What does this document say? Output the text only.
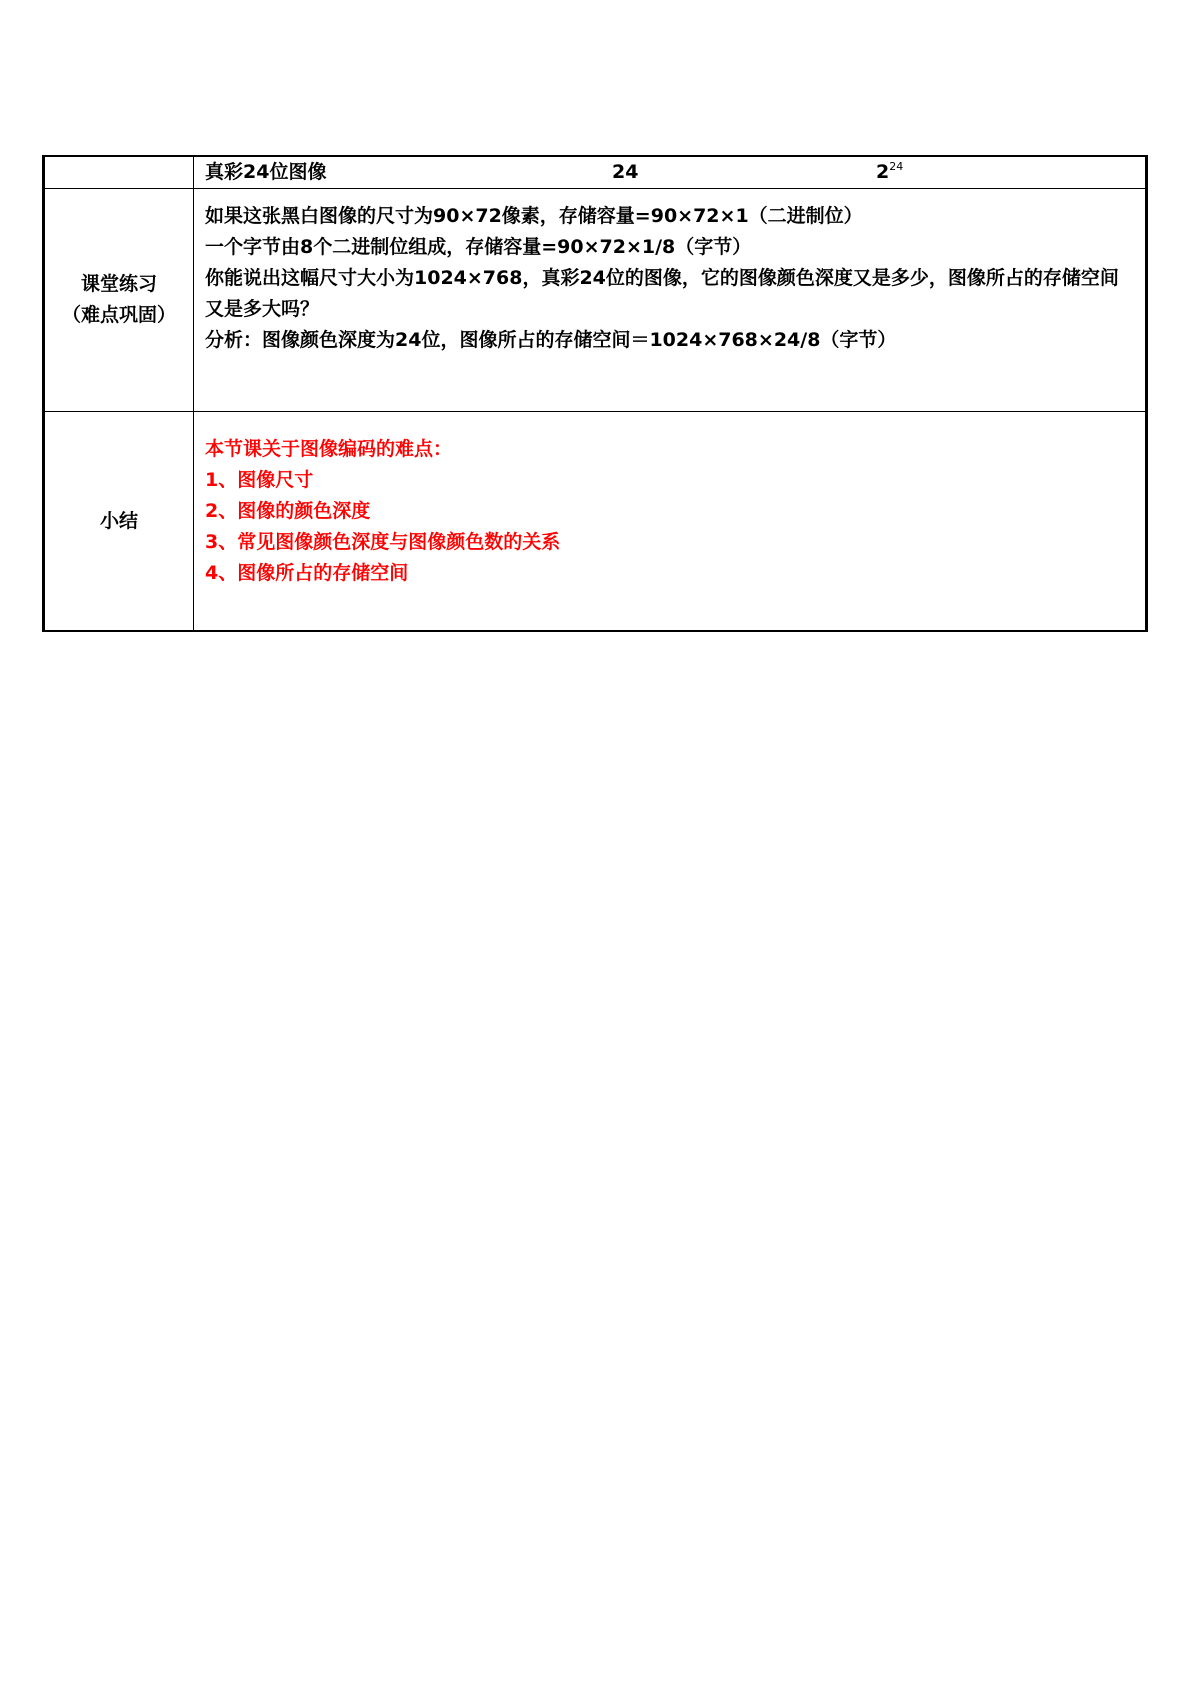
	真彩24位图像 24 $2^{24}$

课堂练习
（难点巩固）	如果这张黑白图像的尺寸为90×72像素，存储容量=90×72×1（二进制位）
一个字节由8个二进制位组成，存储容量=90×72×1/8（字节）
你能说出这幅尺寸大小为1024×768，真彩24位的图像，它的图像颜色深度又是多少，图像所占的存储空间又是多大吗？
分析：图像颜色深度为24位，图像所占的存储空间＝1024×768×24/8（字节）

小结	本节课关于图像编码的难点：
1、图像尺寸
2、图像的颜色深度
3、常见图像颜色深度与图像颜色数的关系
4、图像所占的存储空间
